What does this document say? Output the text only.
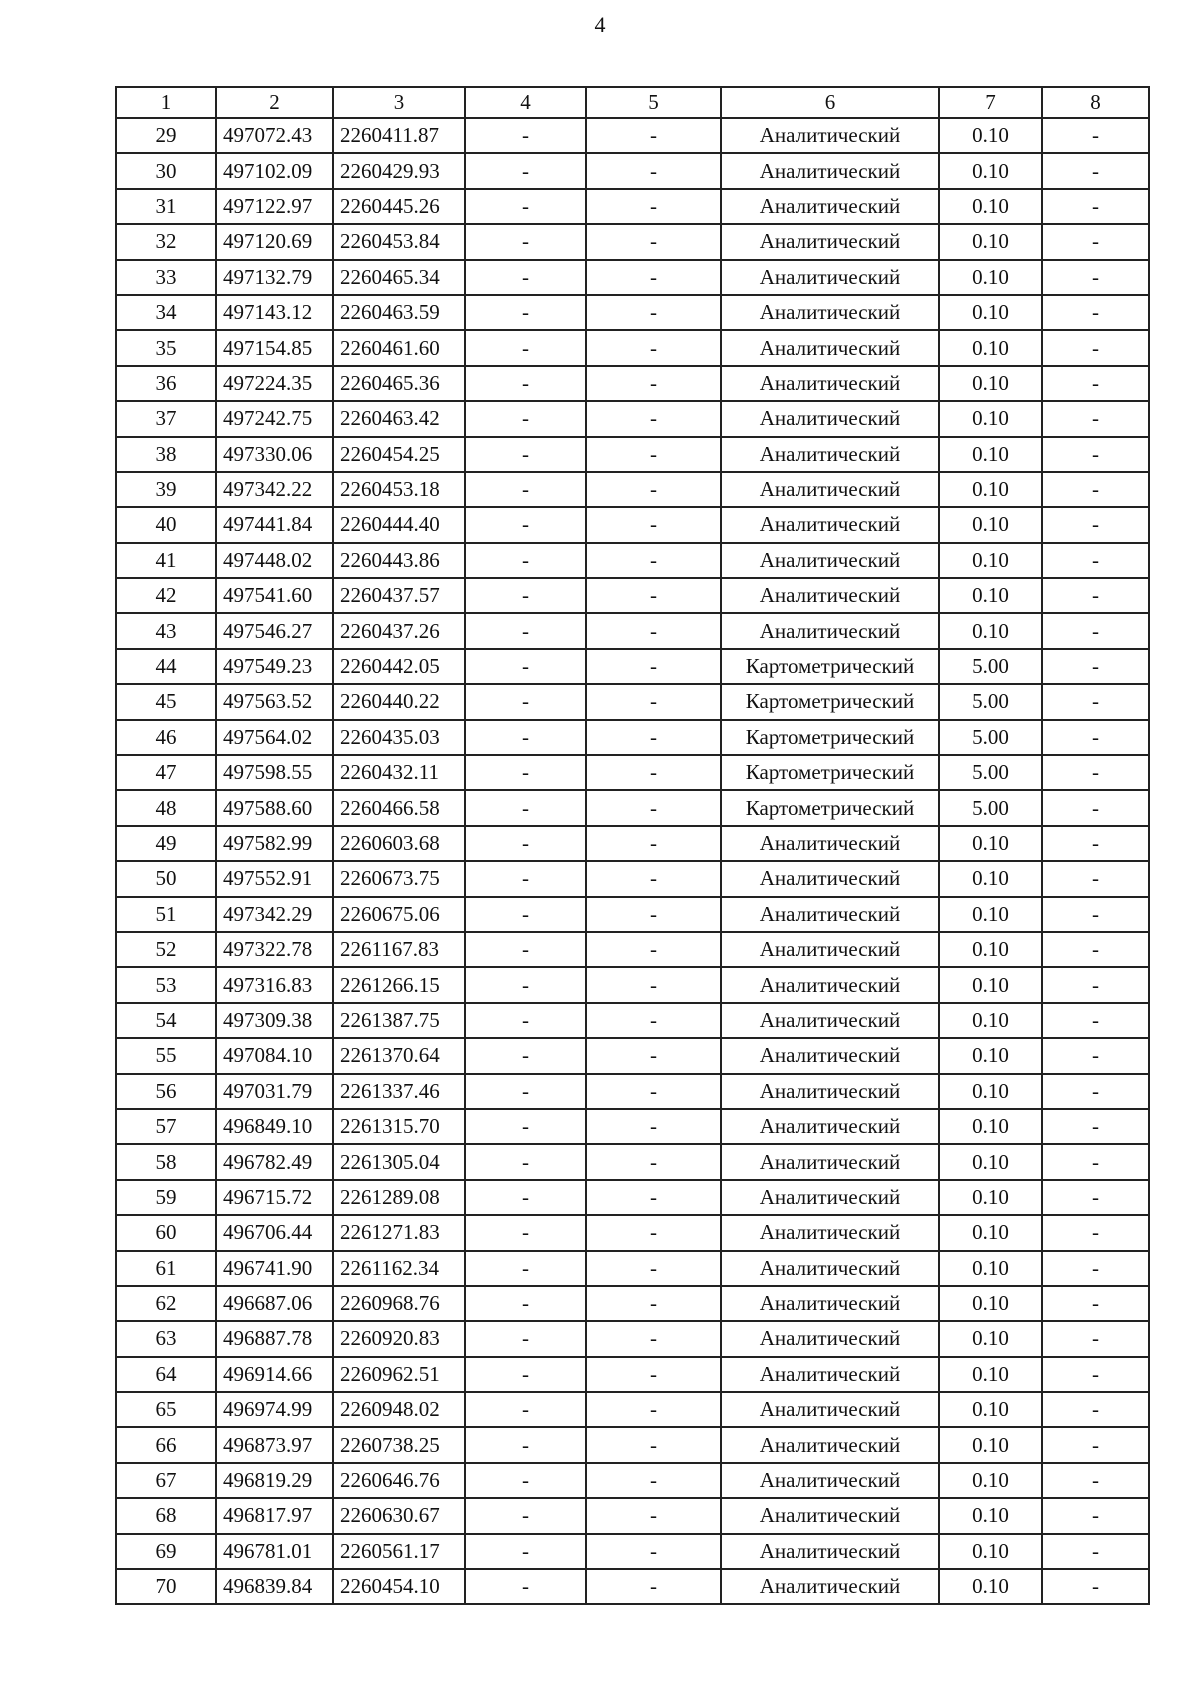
4
1	2	3	4	5	6	7	8
29	497072.43	2260411.87	-	-	Аналитический	0.10	-
30	497102.09	2260429.93	-	-	Аналитический	0.10	-
31	497122.97	2260445.26	-	-	Аналитический	0.10	-
32	497120.69	2260453.84	-	-	Аналитический	0.10	-
33	497132.79	2260465.34	-	-	Аналитический	0.10	-
34	497143.12	2260463.59	-	-	Аналитический	0.10	-
35	497154.85	2260461.60	-	-	Аналитический	0.10	-
36	497224.35	2260465.36	-	-	Аналитический	0.10	-
37	497242.75	2260463.42	-	-	Аналитический	0.10	-
38	497330.06	2260454.25	-	-	Аналитический	0.10	-
39	497342.22	2260453.18	-	-	Аналитический	0.10	-
40	497441.84	2260444.40	-	-	Аналитический	0.10	-
41	497448.02	2260443.86	-	-	Аналитический	0.10	-
42	497541.60	2260437.57	-	-	Аналитический	0.10	-
43	497546.27	2260437.26	-	-	Аналитический	0.10	-
44	497549.23	2260442.05	-	-	Картометрический	5.00	-
45	497563.52	2260440.22	-	-	Картометрический	5.00	-
46	497564.02	2260435.03	-	-	Картометрический	5.00	-
47	497598.55	2260432.11	-	-	Картометрический	5.00	-
48	497588.60	2260466.58	-	-	Картометрический	5.00	-
49	497582.99	2260603.68	-	-	Аналитический	0.10	-
50	497552.91	2260673.75	-	-	Аналитический	0.10	-
51	497342.29	2260675.06	-	-	Аналитический	0.10	-
52	497322.78	2261167.83	-	-	Аналитический	0.10	-
53	497316.83	2261266.15	-	-	Аналитический	0.10	-
54	497309.38	2261387.75	-	-	Аналитический	0.10	-
55	497084.10	2261370.64	-	-	Аналитический	0.10	-
56	497031.79	2261337.46	-	-	Аналитический	0.10	-
57	496849.10	2261315.70	-	-	Аналитический	0.10	-
58	496782.49	2261305.04	-	-	Аналитический	0.10	-
59	496715.72	2261289.08	-	-	Аналитический	0.10	-
60	496706.44	2261271.83	-	-	Аналитический	0.10	-
61	496741.90	2261162.34	-	-	Аналитический	0.10	-
62	496687.06	2260968.76	-	-	Аналитический	0.10	-
63	496887.78	2260920.83	-	-	Аналитический	0.10	-
64	496914.66	2260962.51	-	-	Аналитический	0.10	-
65	496974.99	2260948.02	-	-	Аналитический	0.10	-
66	496873.97	2260738.25	-	-	Аналитический	0.10	-
67	496819.29	2260646.76	-	-	Аналитический	0.10	-
68	496817.97	2260630.67	-	-	Аналитический	0.10	-
69	496781.01	2260561.17	-	-	Аналитический	0.10	-
70	496839.84	2260454.10	-	-	Аналитический	0.10	-
